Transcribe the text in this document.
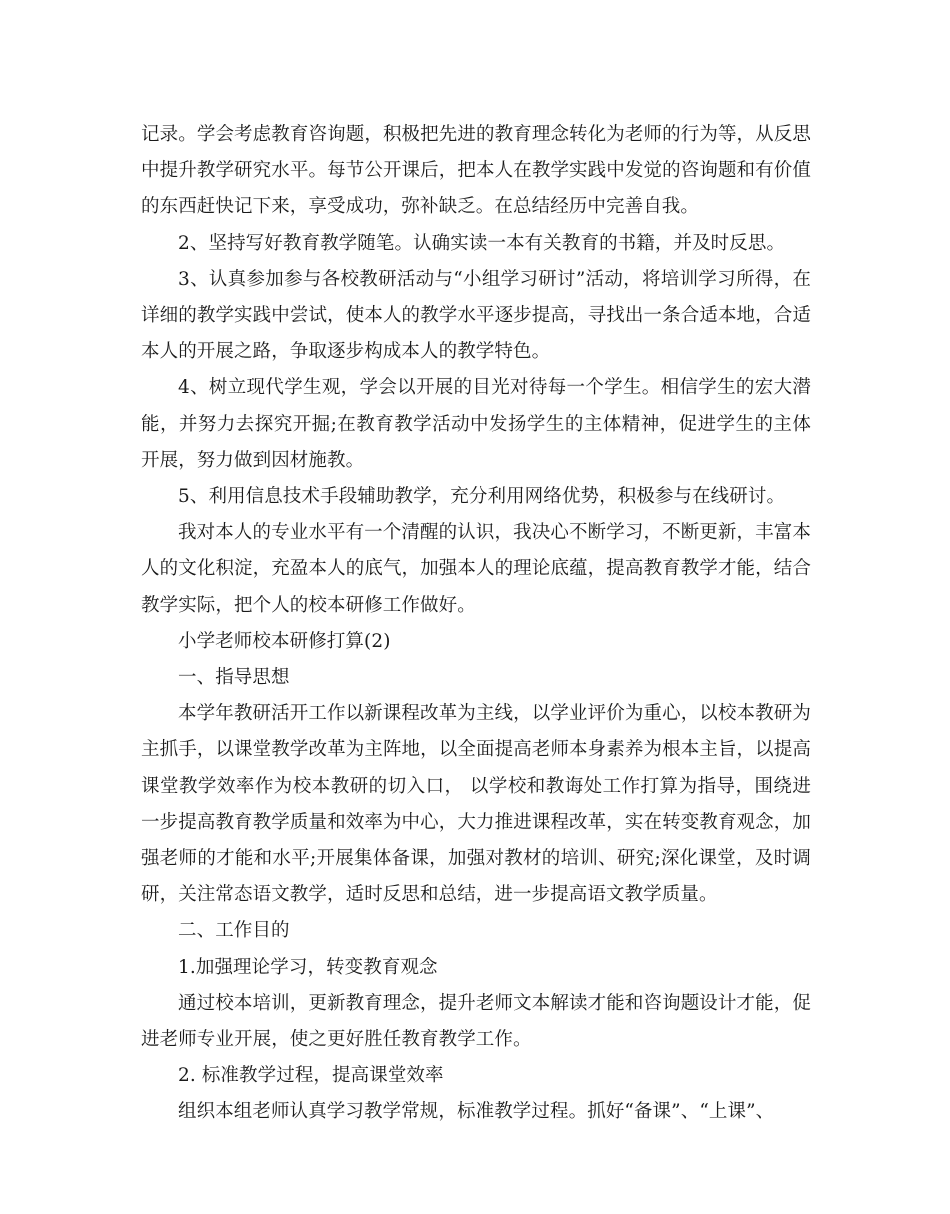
记录。学会考虑教育咨询题，积极把先进的教育理念转化为老师的行为等，从反思中提升教学研究水平。每节公开课后，把本人在教学实践中发觉的咨询题和有价值的东西赶快记下来，享受成功，弥补缺乏。在总结经历中完善自我。

2、坚持写好教育教学随笔。认确实读一本有关教育的书籍，并及时反思。

3、认真参加参与各校教研活动与“小组学习研讨”活动，将培训学习所得，在详细的教学实践中尝试，使本人的教学水平逐步提高，寻找出一条合适本地，合适本人的开展之路，争取逐步构成本人的教学特色。

4、树立现代学生观，学会以开展的目光对待每一个学生。相信学生的宏大潜能，并努力去探究开掘;在教育教学活动中发扬学生的主体精神，促进学生的主体开展，努力做到因材施教。

5、利用信息技术手段辅助教学，充分利用网络优势，积极参与在线研讨。

我对本人的专业水平有一个清醒的认识，我决心不断学习，不断更新，丰富本人的文化积淀，充盈本人的底气，加强本人的理论底蕴，提高教育教学才能，结合教学实际，把个人的校本研修工作做好。

小学老师校本研修打算(2)

一、指导思想

本学年教研活开工作以新课程改革为主线，以学业评价为重心，以校本教研为主抓手，以课堂教学改革为主阵地，以全面提高老师本身素养为根本主旨，以提高课堂教学效率作为校本教研的切入口， 以学校和教诲处工作打算为指导，围绕进一步提高教育教学质量和效率为中心，大力推进课程改革，实在转变教育观念，加强老师的才能和水平;开展集体备课，加强对教材的培训、研究;深化课堂，及时调研，关注常态语文教学，适时反思和总结，进一步提高语文教学质量。

二、工作目的

1.加强理论学习，转变教育观念

通过校本培训，更新教育理念，提升老师文本解读才能和咨询题设计才能，促进老师专业开展，使之更好胜任教育教学工作。

2. 标准教学过程，提高课堂效率

组织本组老师认真学习教学常规，标准教学过程。抓好“备课”、“上课”、
